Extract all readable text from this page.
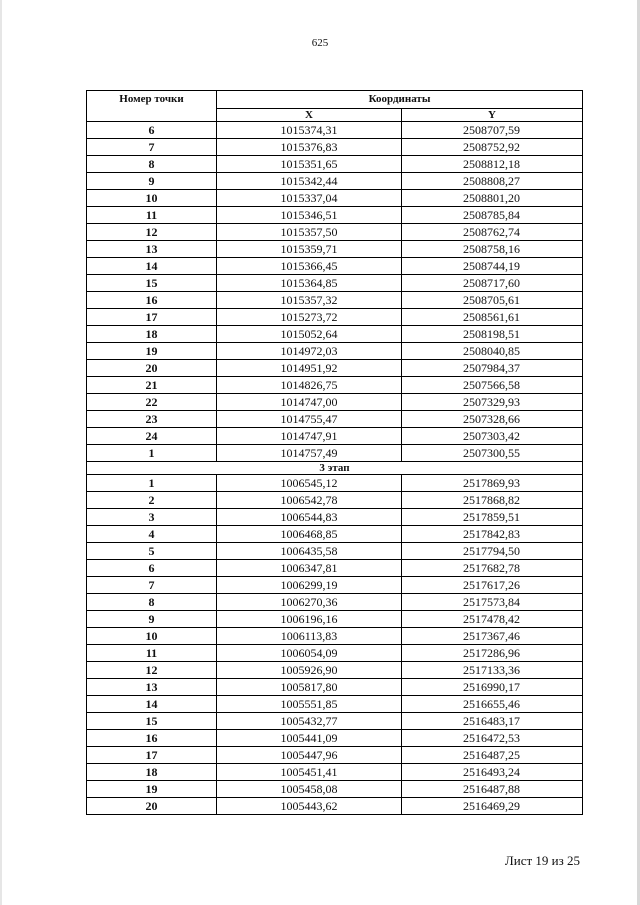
625
Номер точки	Координаты	
	X	Y
6	1015374,31	2508707,59
7	1015376,83	2508752,92
8	1015351,65	2508812,18
9	1015342,44	2508808,27
10	1015337,04	2508801,20
11	1015346,51	2508785,84
12	1015357,50	2508762,74
13	1015359,71	2508758,16
14	1015366,45	2508744,19
15	1015364,85	2508717,60
16	1015357,32	2508705,61
17	1015273,72	2508561,61
18	1015052,64	2508198,51
19	1014972,03	2508040,85
20	1014951,92	2507984,37
21	1014826,75	2507566,58
22	1014747,00	2507329,93
23	1014755,47	2507328,66
24	1014747,91	2507303,42
1	1014757,49	2507300,55
3 этап		
1	1006545,12	2517869,93
2	1006542,78	2517868,82
3	1006544,83	2517859,51
4	1006468,85	2517842,83
5	1006435,58	2517794,50
6	1006347,81	2517682,78
7	1006299,19	2517617,26
8	1006270,36	2517573,84
9	1006196,16	2517478,42
10	1006113,83	2517367,46
11	1006054,09	2517286,96
12	1005926,90	2517133,36
13	1005817,80	2516990,17
14	1005551,85	2516655,46
15	1005432,77	2516483,17
16	1005441,09	2516472,53
17	1005447,96	2516487,25
18	1005451,41	2516493,24
19	1005458,08	2516487,88
20	1005443,62	2516469,29
Лист 19 из 25
